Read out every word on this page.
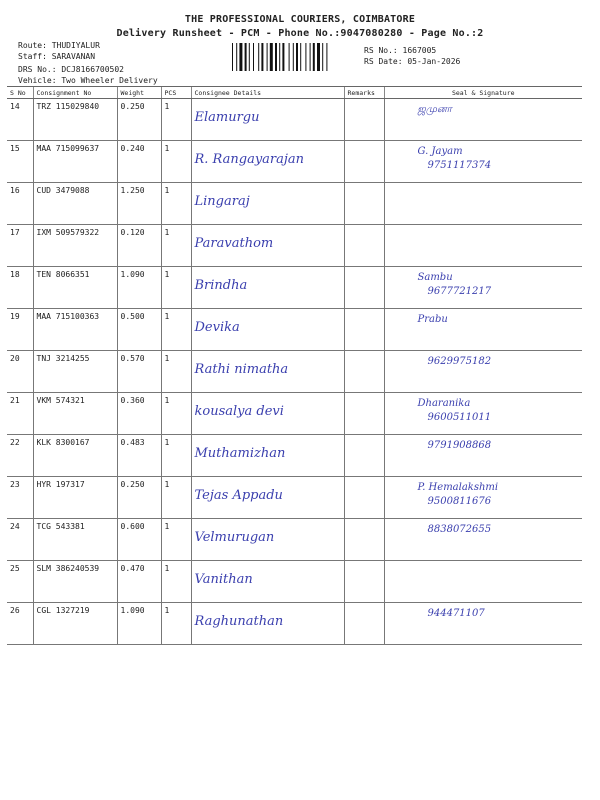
THE PROFESSIONAL COURIERS, COIMBATORE
Delivery Runsheet - PCM - Phone No.:9047080280 - Page No.:2
Route: THUDIYALUR
Staff: SARAVANAN
DRS No.: DCJ8166700502
Vehicle: Two Wheeler Delivery
RS No.: 1667005
RS Date: 05-Jan-2026
S No	Consignment No	Weight	PCS	Consignee Details	Remarks	Seal & Signature
14	TRZ 115029840	0.250	1	Elamurgu		ஜமுனா

15	MAA 715099637	0.240	1	R. Rangayarajan		G. Jayam
9751117374

16	CUD 3479088	1.250	1	Lingaraj		

17	IXM 509579322	0.120	1	Paravathom		

18	TEN 8066351	1.090	1	Brindha		Sambu
9677721217

19	MAA 715100363	0.500	1	Devika		Prabu

20	TNJ 3214255	0.570	1	Rathi nimatha		9629975182

21	VKM 574321	0.360	1	kousalya devi		Dharanika
9600511011

22	KLK 8300167	0.483	1	Muthamizhan		9791908868

23	HYR 197317	0.250	1	Tejas Appadu		P. Hemalakshmi
9500811676

24	TCG 543381	0.600	1	Velmurugan		8838072655

25	SLM 386240539	0.470	1	Vanithan		

26	CGL 1327219	1.090	1	Raghunathan		944471107
